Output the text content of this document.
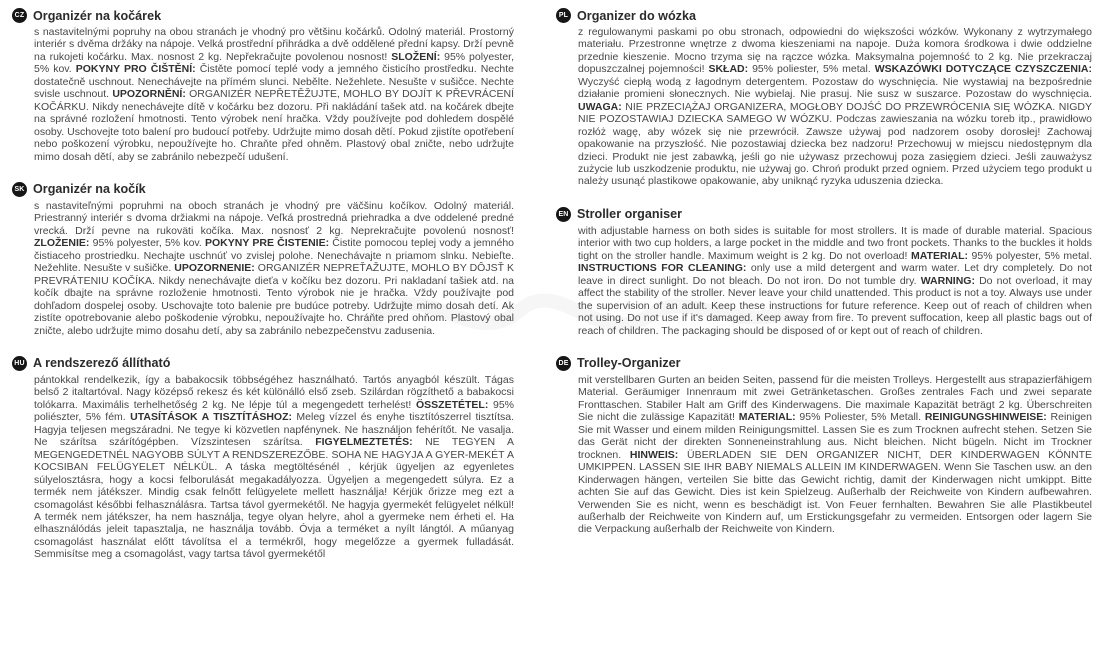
CZ Organizér na kočárek

s nastavitelnými popruhy na obou stranách je vhodný pro většinu kočárků. Odolný materiál. Prostorný interiér s dvěma držáky na nápoje. Velká prostřední přihrádka a dvě oddělené přední kapsy. Drží pevně na rukojeti kočárku. Max. nosnost 2 kg. Nepřekračujte povolenou nosnost! SLOŽENÍ: 95% polyester, 5% kov. POKYNY PRO ČIŠTĚNÍ: Čistěte pomocí teplé vody a jemného čisticího prostředku. Nechte dostatečně uschnout. Nenechávejte na přímém slunci. Nebělte. Nežehlete. Nesušte v sušičce. Nechte svisle uschnout. UPOZORNĚNÍ: ORGANIZÉR NEPŘETĚŽUJTE, MOHLO BY DOJÍT K PŘEVRÁCENÍ KOČÁRKU. Nikdy nenechávejte dítě v kočárku bez dozoru. Při nakládání tašek atd. na kočárek dbejte na správné rozložení hmotnosti. Tento výrobek není hračka. Vždy používejte pod dohledem dospělé osoby. Uschovejte toto balení pro budoucí potřeby. Udržujte mimo dosah dětí. Pokud zjistíte opotřebení nebo poškození výrobku, nepoužívejte ho. Chraňte před ohněm. Plastový obal zničte, nebo udržujte mimo dosah dětí, aby se zabránilo nebezpečí udušení.

SK Organizér na kočík

s nastaviteľnými popruhmi na oboch stranách je vhodný pre väčšinu kočíkov. Odolný materiál. Priestranný interiér s dvoma držiakmi na nápoje. Veľká prostredná priehradka a dve oddelené predné vrecká. Drží pevne na rukoväti kočíka. Max. nosnosť 2 kg. Neprekračujte povolenú nosnosť! ZLOŽENIE: 95% polyester, 5% kov. POKYNY PRE ČISTENIE: Čistite pomocou teplej vody a jemného čistiaceho prostriedku. Nechajte uschnúť vo zvislej polohe. Nenechávajte n priamom slnku. Nebieľte. Nežehlite. Nesušte v sušičke. UPOZORNENIE: ORGANIZÉR NEPREŤAŽUJTE, MOHLO BY DÔJSŤ K PREVRÁTENIU KOČÍKA. Nikdy nenechávajte dieťa v kočíku bez dozoru. Pri nakladaní tašiek atd. na kočík dbajte na správne rozloženie hmotnosti. Tento výrobok nie je hračka. Vždy používajte pod dohľadom dospelej osoby. Uschovajte toto balenie pre budúce potreby. Udržujte mimo dosah detí. Ak zistíte opotrebovanie alebo poškodenie výrobku, nepoužívajte ho. Chráňte pred ohňom. Plastový obal zničte, alebo udržujte mimo dosahu detí, aby sa zabránilo nebezpečenstvu zadusenia.

HU A rendszerező állítható

pántokkal rendelkezik, így a babakocsik többségéhez használható. Tartós anyagból készült. Tágas belső 2 italtartóval. Nagy középső rekesz és két különálló első zseb. Szilárdan rögzíthető a babakocsi tolókarra. Maximális terhelhetőség 2 kg. Ne lépje túl a megengedett terhelést! ÖSSZETÉTEL: 95% poliészter, 5% fém. UTASÍTÁSOK A TISZTÍTÁSHOZ: Meleg vízzel és enyhe tisztítószerrel tisztítsa. Hagyja teljesen megszáradni. Ne tegye ki közvetlen napfénynek. Ne használjon fehérítőt. Ne vasalja. Ne szárítsa szárítógépben. Vízszintesen szárítsa. FIGYELMEZTETÉS: NE TEGYEN A MEGENGEDETNÉL NAGYOBB SÚLYT A RENDSZEREZŐBE. SOHA NE HAGYJA A GYER-MEKÉT A KOCSIBAN FELÜGYELET NÉLKÜL. A táska megtöltésénél , kérjük ügyeljen az egyenletes súlyelosztásra, hogy a kocsi felborulását megakadályozza. Ügyeljen a megengedett súlyra. Ez a termék nem játékszer. Mindig csak felnőtt felügyelete mellett használja! Kérjük őrizze meg ezt a csomagolást későbbi felhasználásra. Tartsa távol gyermekétől. Ne hagyja gyermekét felügyelet nélkül! A termék nem játékszer, ha nem használja, tegye olyan helyre, ahol a gyermeke nem érheti el. Ha elhasználódás jeleit tapasztalja, ne használja tovább. Óvja a terméket a nyílt lángtól. A műanyag csomagolást használat előtt távolítsa el a termékről, hogy megelőzze a gyermek fulladását. Semmisítse meg a csomagolást, vagy tartsa távol gyermekétől

PL Organizer do wózka

z regulowanymi paskami po obu stronach, odpowiedni do większości wózków. Wykonany z wytrzymałego materiału. Przestronne wnętrze z dwoma kieszeniami na napoje. Duża komora środkowa i dwie oddzielne przednie kieszenie. Mocno trzyma się na rączce wózka. Maksymalna pojemność to 2 kg. Nie przekraczaj dopuszczalnej pojemności! SKŁAD: 95% poliester, 5% metal. WSKAZÓWKI DOTYCZĄCE CZYSZCZENIA: Wyczyść ciepłą wodą z łagodnym detergentem. Pozostaw do wyschnięcia. Nie wystawiaj na bezpośrednie działanie promieni słonecznych. Nie wybielaj. Nie prasuj. Nie susz w suszarce. Pozostaw do wyschnięcia. UWAGA: NIE PRZECIĄŻAJ ORGANIZERA, MOGŁOBY DOJŚĆ DO PRZEWRÓCENIA SIĘ WÓZKA. NIGDY NIE POZOSTAWIAJ DZIECKA SAMEGO W WÓZKU. Podczas zawieszania na wózku toreb itp., prawidłowo rozłóż wagę, aby wózek się nie przewrócił. Zawsze używaj pod nadzorem osoby dorosłej! Zachowaj opakowanie na przyszłość. Nie pozostawiaj dziecka bez nadzoru! Przechowuj w miejscu niedostępnym dla dzieci. Produkt nie jest zabawką, jeśli go nie używasz przechowuj poza zasięgiem dzieci. Jeśli zauważysz zużycie lub uszkodzenie produktu, nie używaj go. Chroń produkt przed ogniem. Przed użyciem tego produkt u należy usunąć plastikowe opakowanie, aby uniknąć ryzyka uduszenia dziecka.

EN Stroller organiser

with adjustable harness on both sides is suitable for most strollers. It is made of durable material. Spacious interior with two cup holders, a large pocket in the middle and two front pockets. Thanks to the buckles it holds tight on the stroller handle. Maximum weight is 2 kg. Do not overload! MATERIAL: 95% polyester, 5% metal. INSTRUCTIONS FOR CLEANING: only use a mild detergent and warm water. Let dry completely. Do not leave in direct sunlight. Do not bleach. Do not iron. Do not tumble dry. WARNING: Do not overload, it may affect the stability of the stroller. Never leave your child unattended. This product is not a toy. Always use under the supervision of an adult. Keep these instructions for future reference. Keep out of reach of children when not using. Do not use if it's damaged. Keep away from fire. To prevent suffocation, keep all plastic bags out of reach of children. The packaging should be disposed of or kept out of reach of children.

DE Trolley-Organizer

mit verstellbaren Gurten an beiden Seiten, passend für die meisten Trolleys. Hergestellt aus strapazierfähigem Material. Geräumiger Innenraum mit zwei Getränketaschen. Großes zentrales Fach und zwei separate Fronttaschen. Stabiler Halt am Griff des Kinderwagens. Die maximale Kapazität beträgt 2 kg. Überschreiten Sie nicht die zulässige Kapazität! MATERIAL: 95% Poliester, 5% Metall. REINIGUNGSHINWEISE: Reinigen Sie mit Wasser und einem milden Reinigungsmittel. Lassen Sie es zum Trocknen aufrecht stehen. Setzen Sie das Gerät nicht der direkten Sonneneinstrahlung aus. Nicht bleichen. Nicht bügeln. Nicht im Trockner trocknen. HINWEIS: ÜBERLADEN SIE DEN ORGANIZER NICHT, DER KINDERWAGEN KÖNNTE UMKIPPEN. LASSEN SIE IHR BABY NIEMALS ALLEIN IM KINDERWAGEN. Wenn Sie Taschen usw. an den Kinderwagen hängen, verteilen Sie bitte das Gewicht richtig, damit der Kinderwagen nicht umkippt. Bitte achten Sie auf das Gewicht. Dies ist kein Spielzeug. Außerhalb der Reichweite von Kindern aufbewahren. Verwenden Sie es nicht, wenn es beschädigt ist. Von Feuer fernhalten. Bewahren Sie alle Plastikbeutel außerhalb der Reichweite von Kindern auf, um Erstickungsgefahr zu vermeiden. Entsorgen oder lagern Sie die Verpackung außerhalb der Reichweite von Kindern.
